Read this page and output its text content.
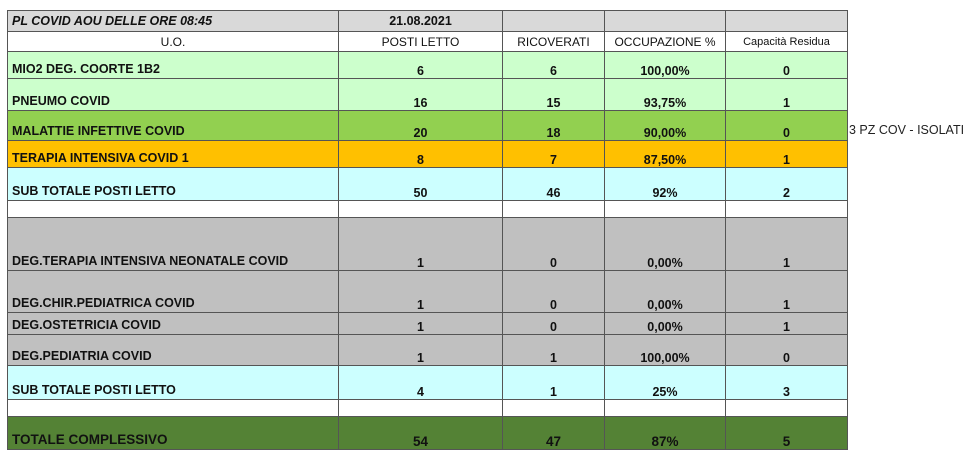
PL COVID AOU DELLE ORE 08:45	21.08.2021			
U.O.	POSTI LETTO	RICOVERATI	OCCUPAZIONE %	Capacità Residua
MIO2 DEG. COORTE 1B2	6	6	100,00%	0
PNEUMO COVID	16	15	93,75%	1
MALATTIE INFETTIVE COVID	20	18	90,00%	0
TERAPIA INTENSIVA COVID 1	8	7	87,50%	1
SUB TOTALE POSTI LETTO	50	46	92%	2

DEG.TERAPIA INTENSIVA NEONATALE COVID	1	0	0,00%	1
DEG.CHIR.PEDIATRICA COVID	1	0	0,00%	1
DEG.OSTETRICIA COVID	1	0	0,00%	1
DEG.PEDIATRIA COVID	1	1	100,00%	0
SUB TOTALE POSTI LETTO	4	1	25%	3

TOTALE COMPLESSIVO	54	47	87%	5
3 PZ COV - ISOLATI
